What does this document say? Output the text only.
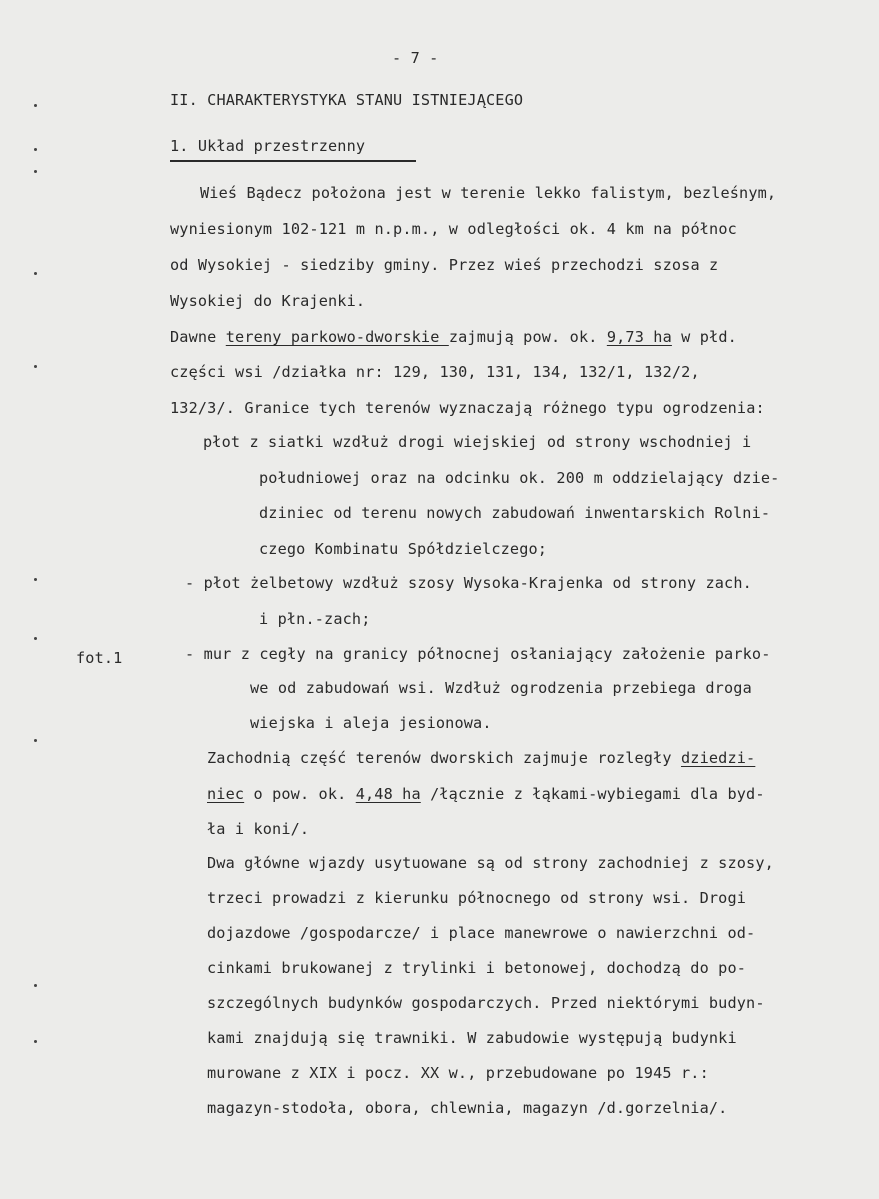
- 7 -
II. CHARAKTERYSTYKA STANU ISTNIEJĄCEGO
1. Układ przestrzenny
Wieś Bądecz położona jest w terenie lekko falistym, bezleśnym,
wyniesionym 102-121 m n.p.m., w odległości ok. 4 km na północ
od Wysokiej - siedziby gminy. Przez wieś przechodzi szosa z
Wysokiej do Krajenki.
Dawne tereny parkowo-dworskie zajmują pow. ok. 9,73 ha w płd.
części wsi /działka nr: 129, 130, 131, 134, 132/1, 132/2,
132/3/. Granice tych terenów wyznaczają różnego typu ogrodzenia:
płot z siatki wzdłuż drogi wiejskiej od strony wschodniej i
południowej oraz na odcinku ok. 200 m oddzielający dzie-
dziniec od terenu nowych zabudowań inwentarskich Rolni-
czego Kombinatu Spółdzielczego;
- płot żelbetowy wzdłuż szosy Wysoka-Krajenka od strony zach.
i płn.-zach;
fot.1	- mur z cegły na granicy północnej osłaniający założenie parko-
we od zabudowań wsi. Wzdłuż ogrodzenia przebiega droga
wiejska i aleja jesionowa.
Zachodnią część terenów dworskich zajmuje rozległy dziedzi-
niec o pow. ok. 4,48 ha /łącznie z łąkami-wybiegami dla byd-
ła i koni/.
Dwa główne wjazdy usytuowane są od strony zachodniej z szosy,
trzeci prowadzi z kierunku północnego od strony wsi. Drogi
dojazdowe /gospodarcze/ i place manewrowe o nawierzchni od-
cinkami brukowanej z trylinki i betonowej, dochodzą do po-
szczególnych budynków gospodarczych. Przed niektórymi budyn-
kami znajdują się trawniki. W zabudowie występują budynki
murowane z XIX i pocz. XX w., przebudowane po 1945 r.:
magazyn-stodoła, obora, chlewnia, magazyn /d.gorzelnia/.
